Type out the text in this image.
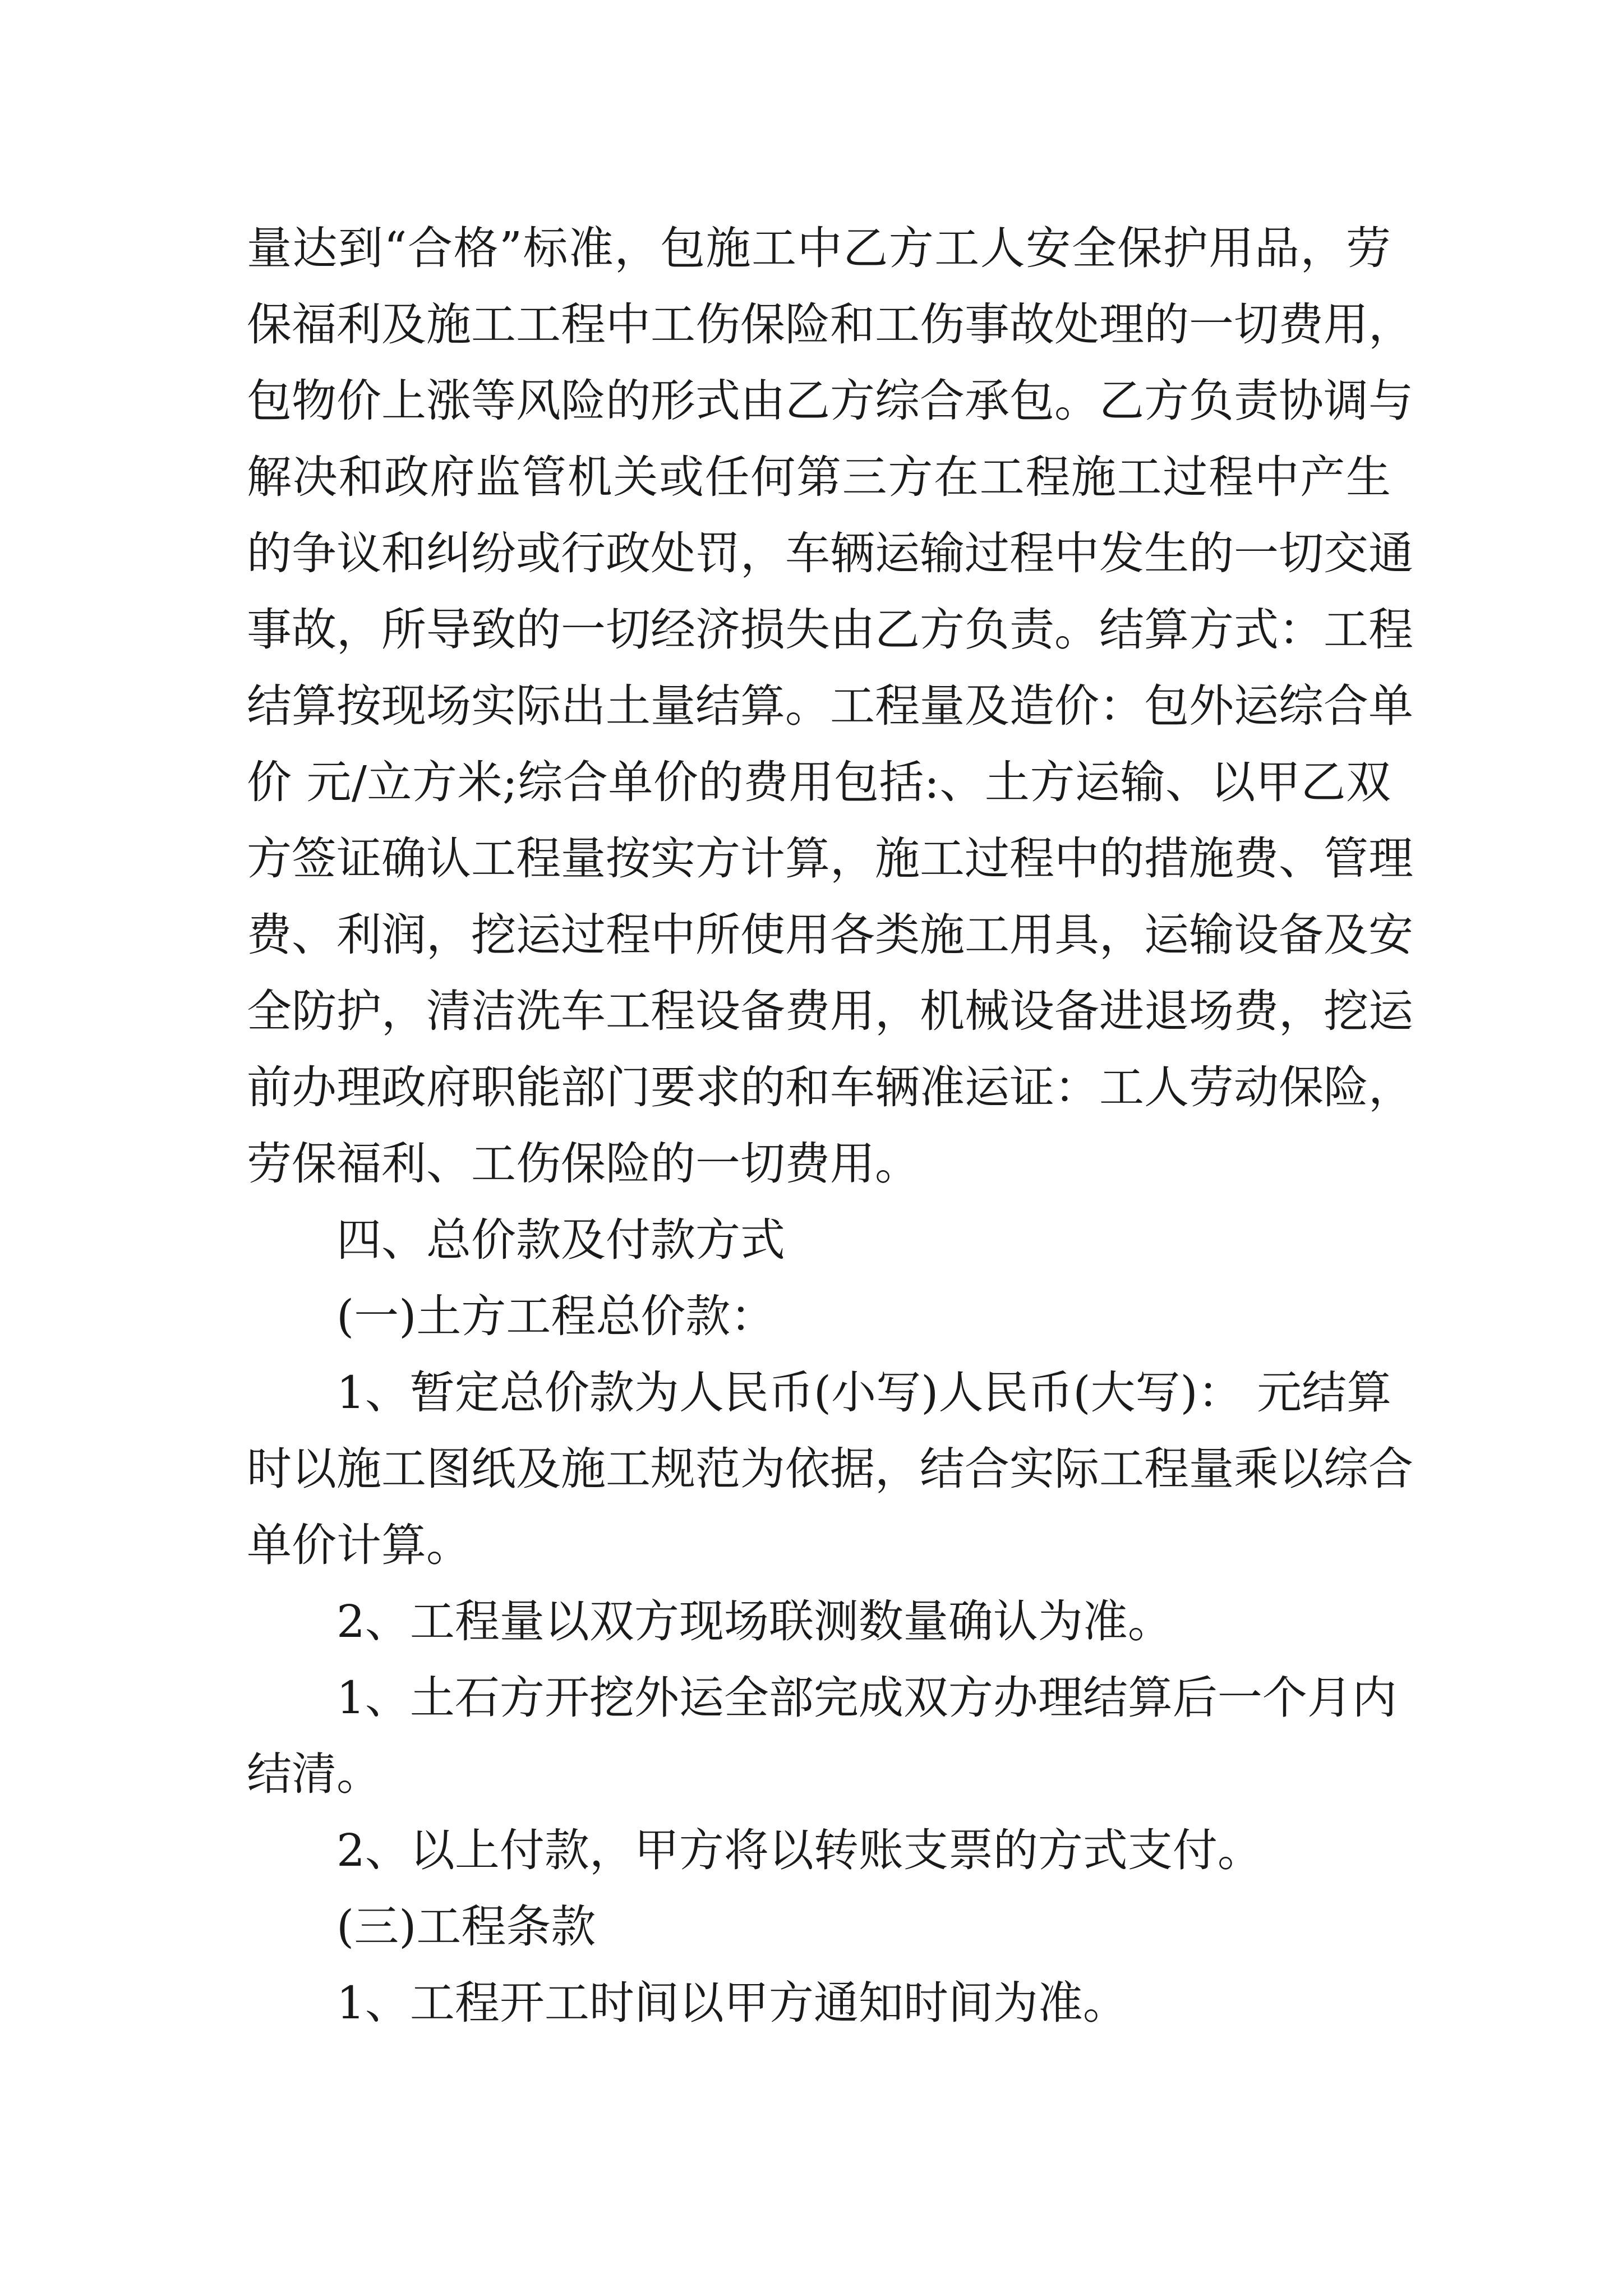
量达到“合格”标准，包施工中乙方工人安全保护用品，劳
保福利及施工工程中工伤保险和工伤事故处理的一切费用，
包物价上涨等风险的形式由乙方综合承包。乙方负责协调与
解决和政府监管机关或任何第三方在工程施工过程中产生
的争议和纠纷或行政处罚，车辆运输过程中发生的一切交通
事故，所导致的一切经济损失由乙方负责。结算方式：工程
结算按现场实际出土量结算。工程量及造价：包外运综合单
价 元/立方米;综合单价的费用包括:、土方运输、以甲乙双
方签证确认工程量按实方计算，施工过程中的措施费、管理
费、利润，挖运过程中所使用各类施工用具，运输设备及安
全防护，清洁洗车工程设备费用，机械设备进退场费，挖运
前办理政府职能部门要求的和车辆准运证：工人劳动保险，
劳保福利、工伤保险的一切费用。
四、总价款及付款方式
(一)土方工程总价款：
1、暂定总价款为人民币(小写)人民币(大写)： 元结算
时以施工图纸及施工规范为依据，结合实际工程量乘以综合
单价计算。
2、工程量以双方现场联测数量确认为准。
1、土石方开挖外运全部完成双方办理结算后一个月内
结清。
2、以上付款，甲方将以转账支票的方式支付。
(三)工程条款
1、工程开工时间以甲方通知时间为准。
